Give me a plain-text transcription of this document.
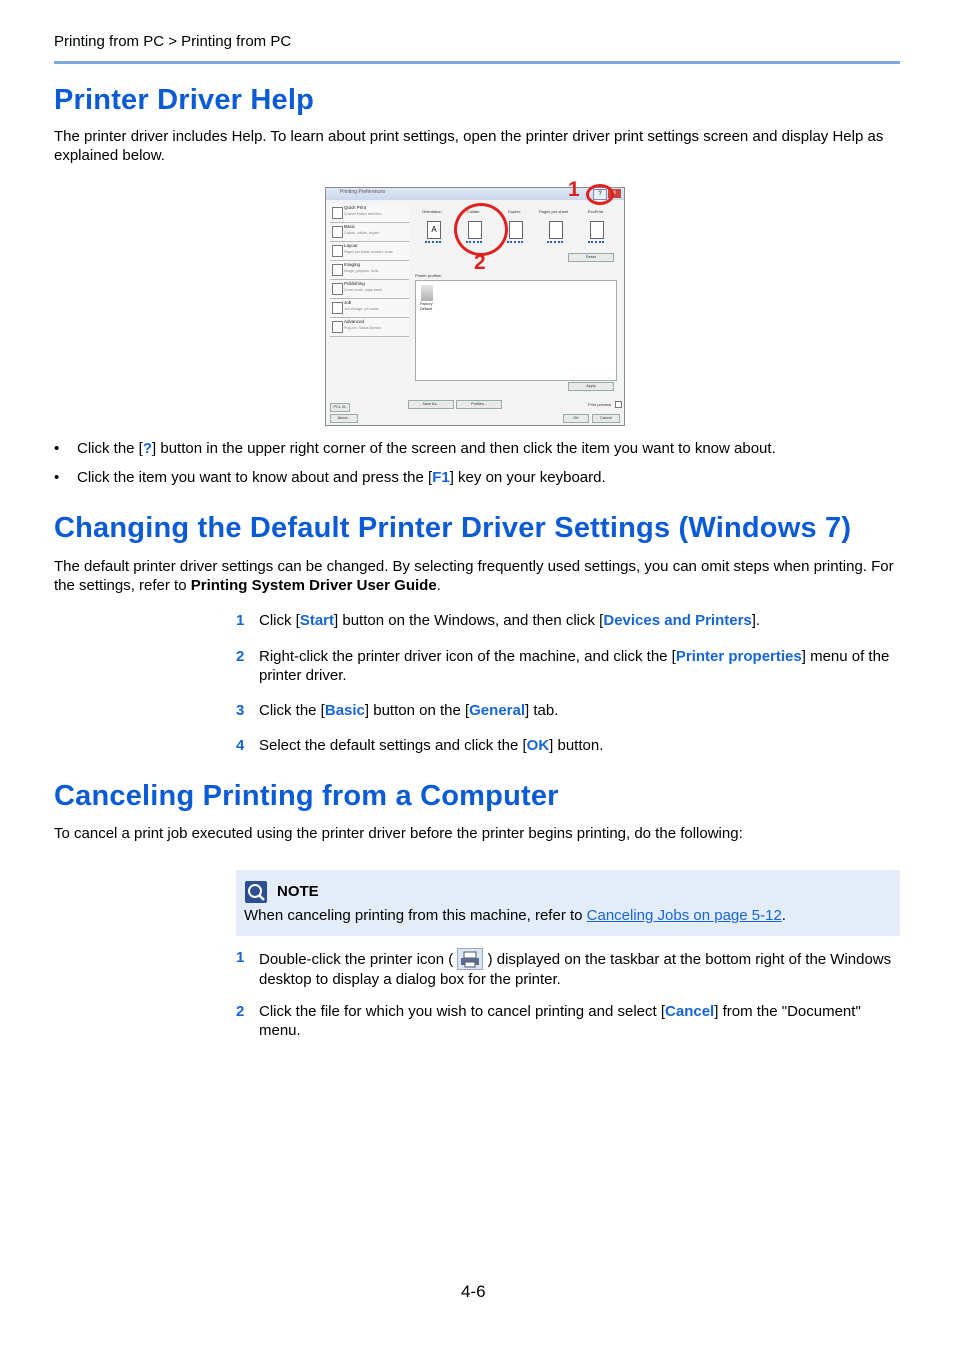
Printing from PC > Printing from PC
Printer Driver Help

The printer driver includes Help. To learn about print settings, open the printer driver print settings screen and display Help as explained below.

Printing Preferences	?	x
Quick Print
Custom button selection
Basic
Copies, collate, duplex
Layout
Pages per sheet, booklet, scale
Imaging
Image, graphics, fonts
Publishing
Cover mode, page insert
Job
Job storage, job name
Advanced
Plug-ins, Status Monitor
Orientation	Collate	Duplex	Pages per sheet	EcoPrint
A
Reset
Printer profiles:
Factory Default
Apply
PCL XL
Save As...	Profiles...	Print preview
About...	OK	Cancel
1
2
• Click the [?] button in the upper right corner of the screen and then click the item you want to know about.
• Click the item you want to know about and press the [F1] key on your keyboard.
Changing the Default Printer Driver Settings (Windows 7)

The default printer driver settings can be changed. By selecting frequently used settings, you can omit steps when printing. For the settings, refer to Printing System Driver User Guide.

1 Click [Start] button on the Windows, and then click [Devices and Printers].
2 Right-click the printer driver icon of the machine, and click the [Printer properties] menu of the printer driver.
3 Click the [Basic] button on the [General] tab.
4 Select the default settings and click the [OK] button.
Canceling Printing from a Computer

To cancel a print job executed using the printer driver before the printer begins printing, do the following:

NOTE
When canceling printing from this machine, refer to Canceling Jobs on page 5-12.
1 Double-click the printer icon ( ) displayed on the taskbar at the bottom right of the Windows desktop to display a dialog box for the printer.
2 Click the file for which you wish to cancel printing and select [Cancel] from the "Document" menu.
4-6
